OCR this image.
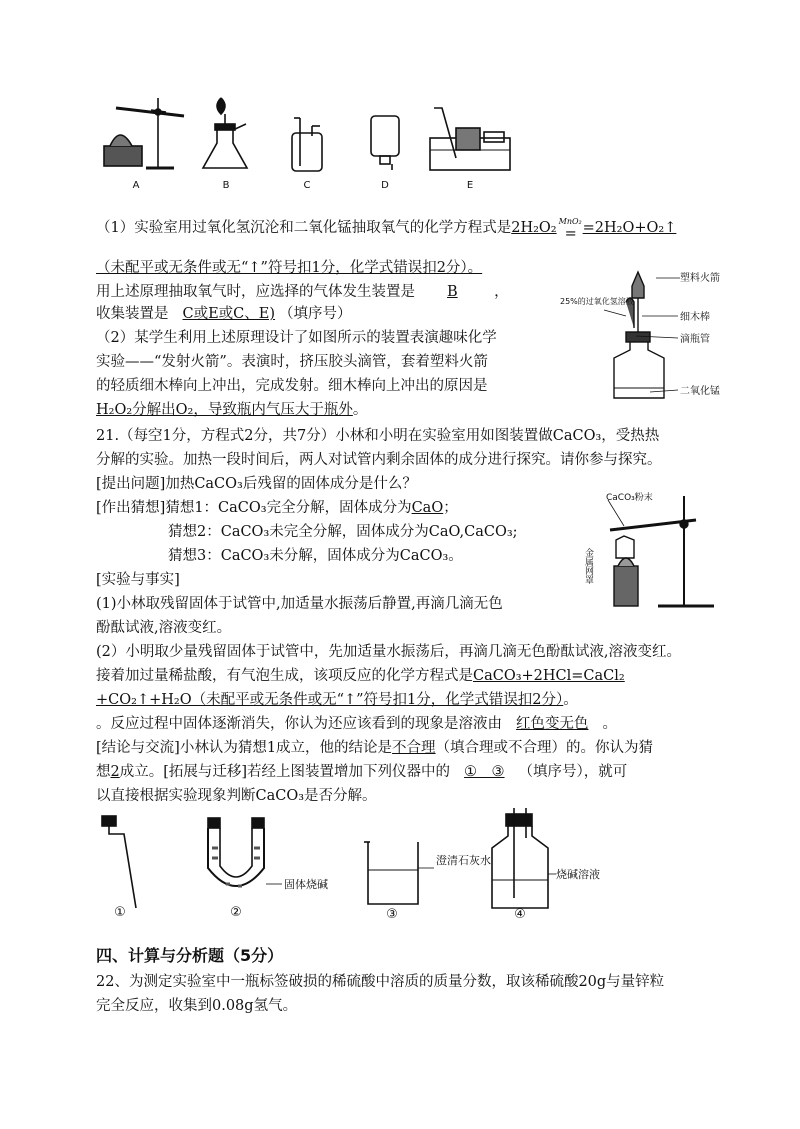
A	B	C	D	E
（1）实验室用过氧化氢沉沦和二氧化锰抽取氧气的化学方程式是2H₂O₂ MnO₂
= =2H₂O+O₂↑
（未配平或无条件或无“↑”符号扣1分，化学式错误扣2分）。
用上述原理抽取氧气时，应选择的气体发生装置是 B　，
收集装置是 C或E或C、E) （填序号）
（2）某学生利用上述原理设计了如图所示的装置表演趣味化学
实验——“发射火箭”。表演时，挤压胶头滴管，套着塑料火箭
的轻质细木棒向上冲出，完成发射。细木棒向上冲出的原因是
H₂O₂分解出O₂，导致瓶内气压大于瓶外。
塑料火箭
25%的过氧化氢溶液
细木棒
滴瓶管
二氧化锰
21.（每空1分，方程式2分，共7分）小林和小明在实验室用如图装置做CaCO₃，受热热
分解的实验。加热一段时间后，两人对试管内剩余固体的成分进行探究。请你参与探究。
[提出问题]加热CaCO₃后残留的固体成分是什么？
[作出猜想]猜想1：CaCO₃完全分解，固体成分为CaO；
猜想2：CaCO₃未完全分解，固体成分为CaO,CaCO₃;
猜想3：CaCO₃未分解，固体成分为CaCO₃。
[实验与事实]
(1)小林取残留固体于试管中,加适量水振荡后静置,再滴几滴无色
酚酞试液,溶液变红。
(2）小明取少量残留固体于试管中，先加适量水振荡后，再滴几滴无色酚酞试液,溶液变红。
接着加过量稀盐酸，有气泡生成，该项反应的化学方程式是CaCO₃+2HCl=CaCl₂
+CO₂↑+H₂O（未配平或无条件或无“↑”符号扣1分，化学式错误扣2分）。
。反应过程中固体逐渐消失，你认为还应该看到的现象是溶液由 红色变无色 。
[结论与交流]小林认为猜想1成立，他的结论是不合理（填合理或不合理）的。你认为猜
想2成立。[拓展与迁移]若经上图装置增加下列仪器中的 ①　③ （填序号），就可
以直接根据实验现象判断CaCO₃是否分解。
CaCO₃粉末
金属网罩
固体烧碱
澄清石灰水
烧碱溶液
①	②	③	④
四、计算与分析题（5分）
22、为测定实验室中一瓶标签破损的稀硫酸中溶质的质量分数，取该稀硫酸20g与量锌粒
完全反应，收集到0.08g氢气。
